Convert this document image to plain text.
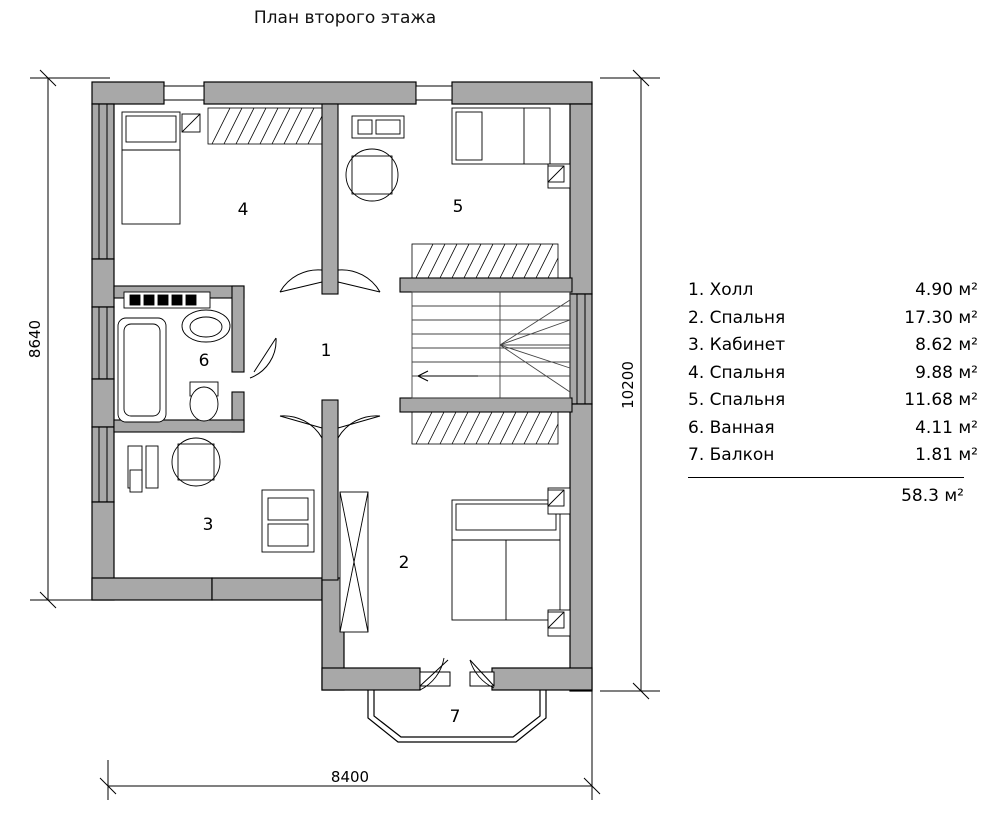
План второго этажа
8640
10200
8400
1
2
3
4	5
6
7
1. Холл	4.90 м²
2. Спальня	17.30 м²
3. Кабинет	8.62 м²
4. Спальня	9.88 м²
5. Спальня	11.68 м²
6. Ванная	4.11 м²
7. Балкон	1.81 м²
58.3 м²
